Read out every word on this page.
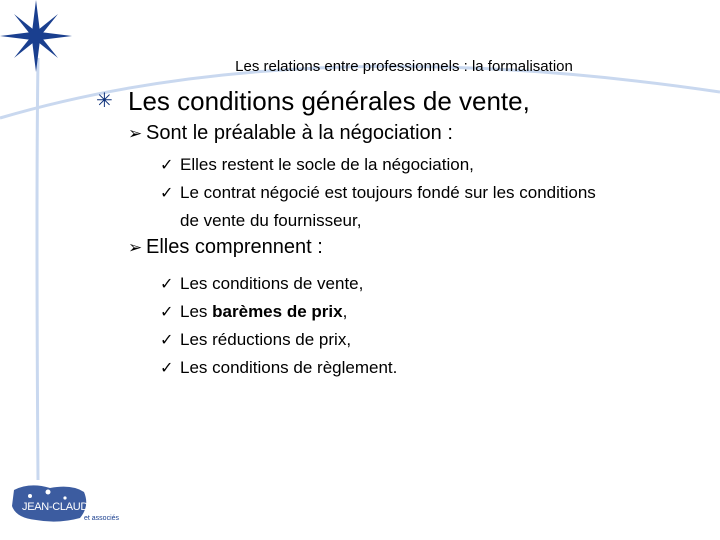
Les relations entre professionnels : la formalisation
✳ Les conditions générales de vente,
➢ Sont le préalable à la négociation :
✓ Elles restent le socle de la négociation,
✓ Le contrat négocié est toujours fondé sur les conditions
de vente du fournisseur,
➢ Elles comprennent :
✓ Les conditions de vente,
✓ Les barèmes de prix,
✓ Les réductions de prix,
✓ Les conditions de règlement.
JEAN-CLAUDE DE COULON
et associés
